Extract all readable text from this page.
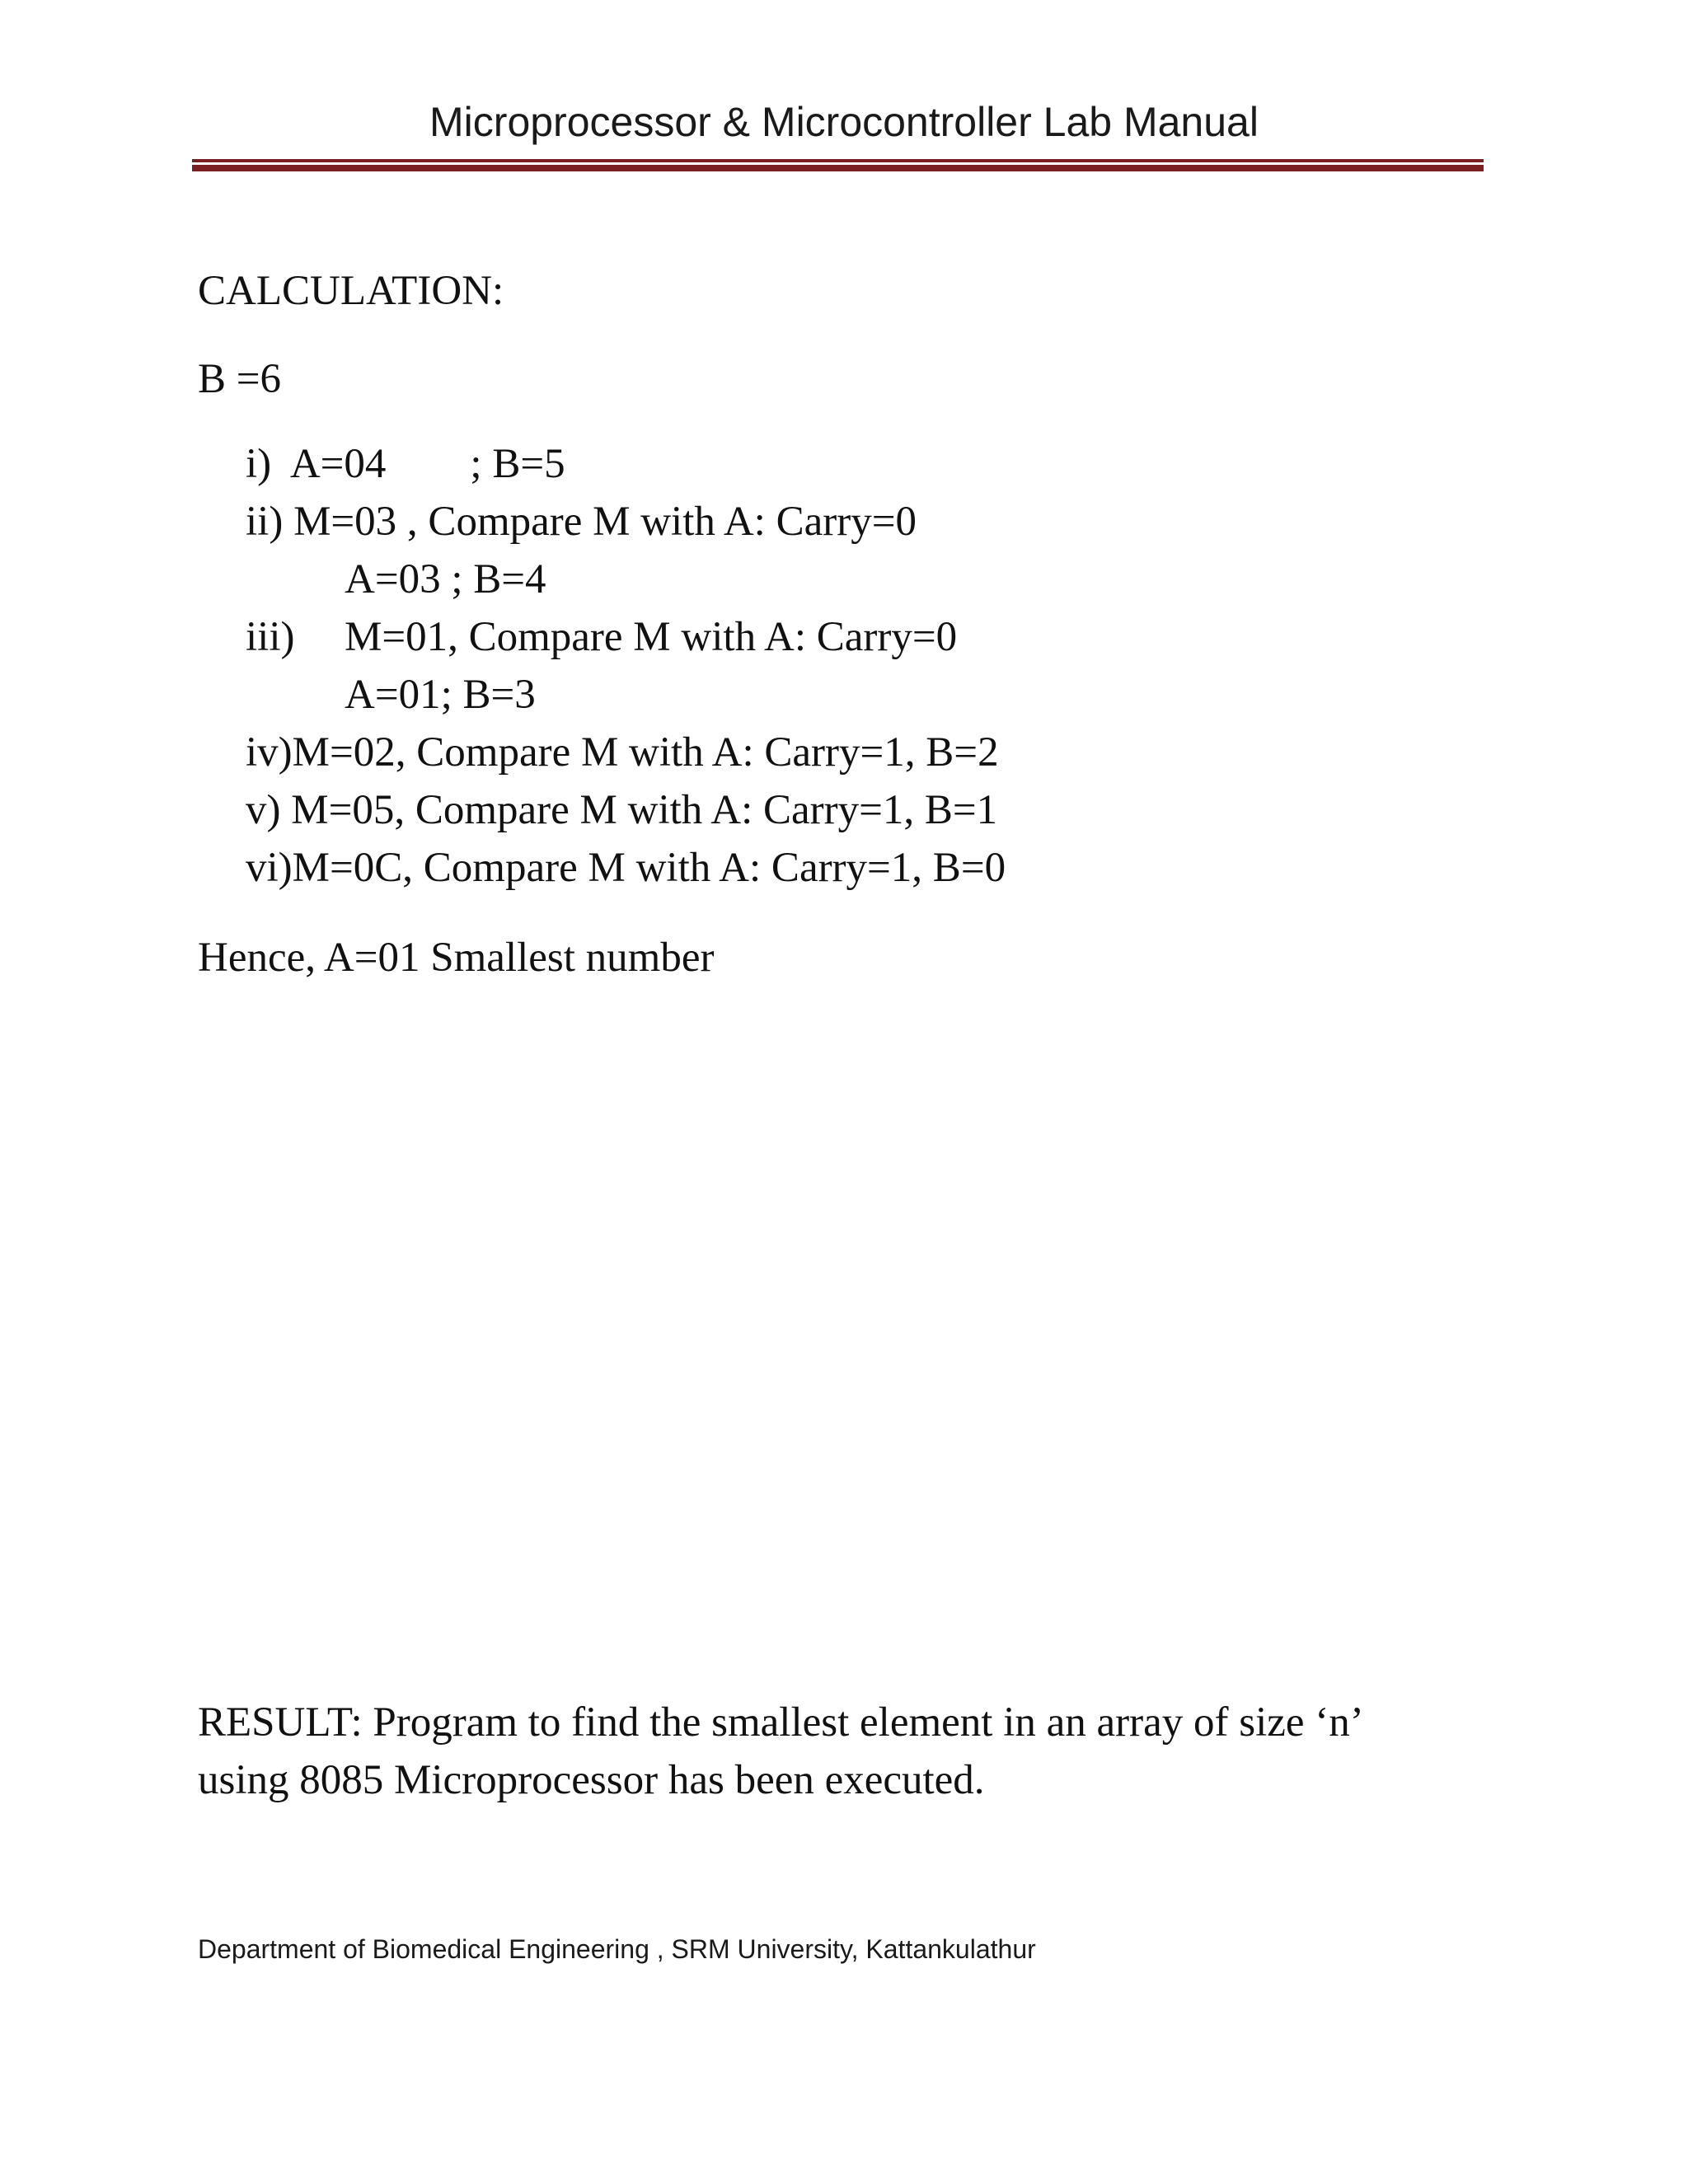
Microprocessor & Microcontroller Lab Manual
CALCULATION:
B =6
i)  A=04        ; B=5
ii) M=03 , Compare M with A: Carry=0
A=03 ; B=4
iii) M=01, Compare M with A: Carry=0
A=01; B=3
iv)M=02, Compare M with A: Carry=1, B=2
v) M=05, Compare M with A: Carry=1, B=1
vi)M=0C, Compare M with A: Carry=1, B=0
Hence, A=01 Smallest number
RESULT: Program to find the smallest element in an array of size ‘n’
using 8085 Microprocessor has been executed.
Department of Biomedical Engineering , SRM University, Kattankulathur
